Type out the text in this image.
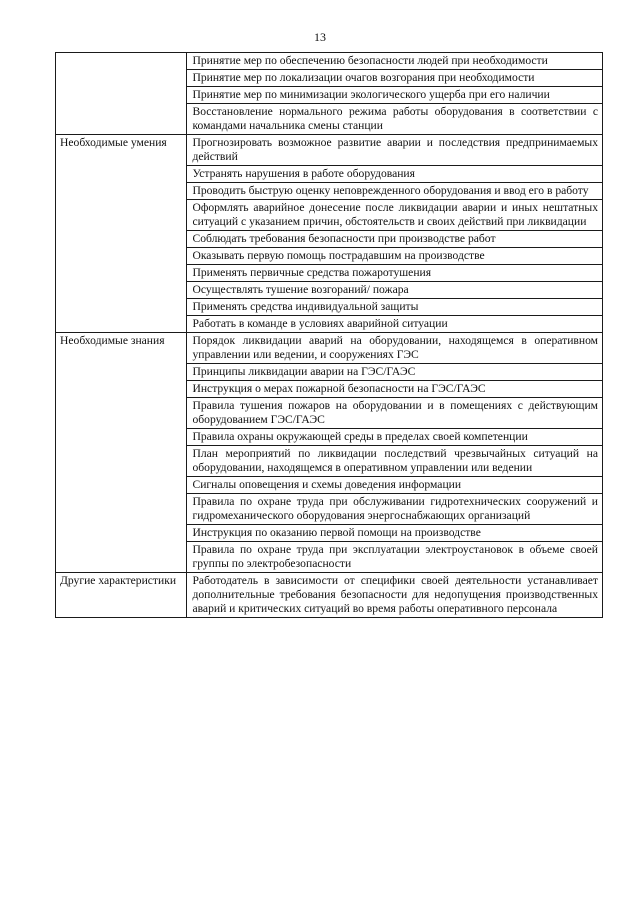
13
	Принятие мер по обеспечению безопасности людей при необходимости
	Принятие мер по локализации очагов возгорания при необходимости
	Принятие мер по минимизации экологического ущерба при его наличии
	Восстановление нормального режима работы оборудования в соответствии с командами начальника смены станции
Необходимые умения	Прогнозировать возможное развитие аварии и последствия предпринимаемых действий
	Устранять нарушения в работе оборудования
	Проводить быструю оценку неповрежденного оборудования и ввод его в работу
	Оформлять аварийное донесение после ликвидации аварии и иных нештатных ситуаций с указанием причин, обстоятельств и своих действий при ликвидации
	Соблюдать требования безопасности при производстве работ
	Оказывать первую помощь пострадавшим на производстве
	Применять первичные средства пожаротушения
	Осуществлять тушение возгораний/ пожара
	Применять средства индивидуальной защиты
	Работать в команде в условиях аварийной ситуации
Необходимые знания	Порядок ликвидации аварий на оборудовании, находящемся в оперативном управлении или ведении, и сооружениях ГЭС
	Принципы ликвидации аварии на ГЭС/ГАЭС
	Инструкция о мерах пожарной безопасности на ГЭС/ГАЭС
	Правила тушения пожаров на оборудовании и в помещениях с действующим оборудованием ГЭС/ГАЭС
	Правила охраны окружающей среды в пределах своей компетенции
	План мероприятий по ликвидации последствий чрезвычайных ситуаций на оборудовании, находящемся в оперативном управлении или ведении
	Сигналы оповещения и схемы доведения информации
	Правила по охране труда при обслуживании гидротехнических сооружений и гидромеханического оборудования энергоснабжающих организаций
	Инструкция по оказанию первой помощи на производстве
	Правила по охране труда при эксплуатации электроустановок в объеме своей группы по электробезопасности
Другие характеристики	Работодатель в зависимости от специфики своей деятельности устанавливает дополнительные требования безопасности для недопущения производственных аварий и критических ситуаций во время работы оперативного персонала
